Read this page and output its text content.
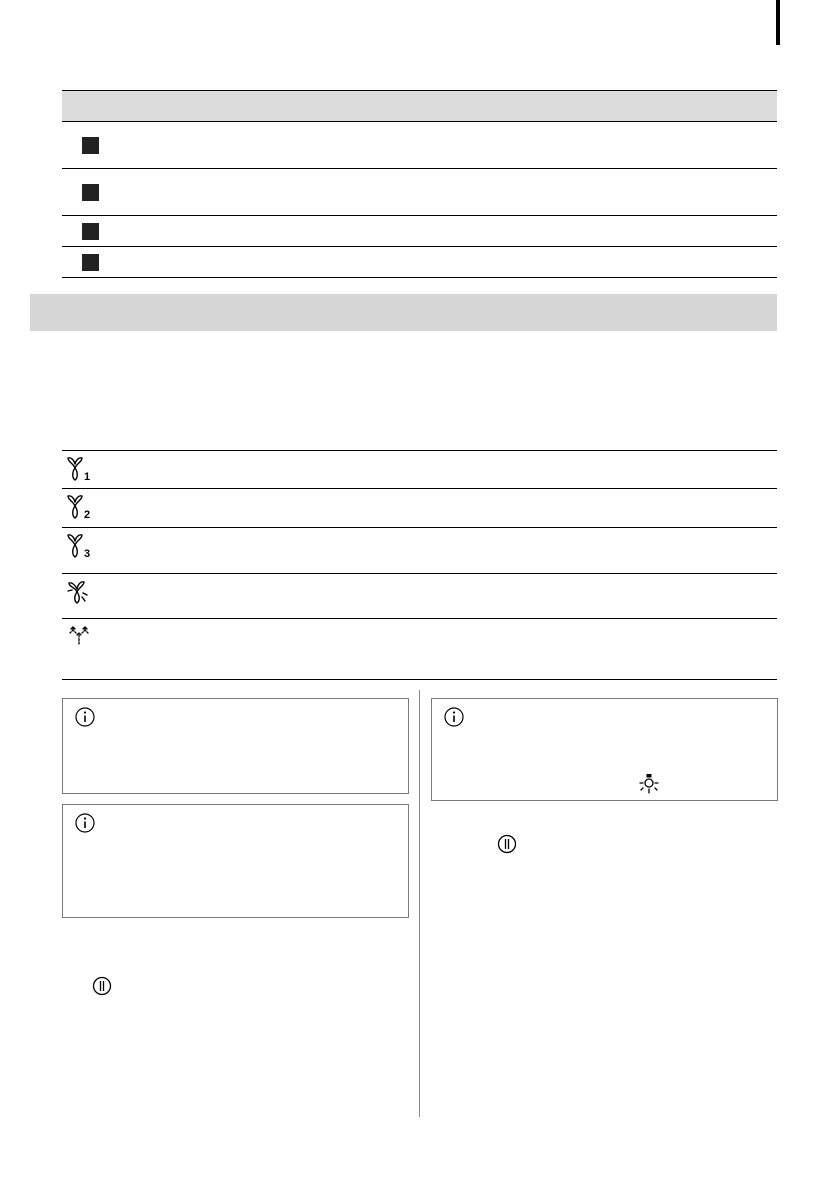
1
2
3
